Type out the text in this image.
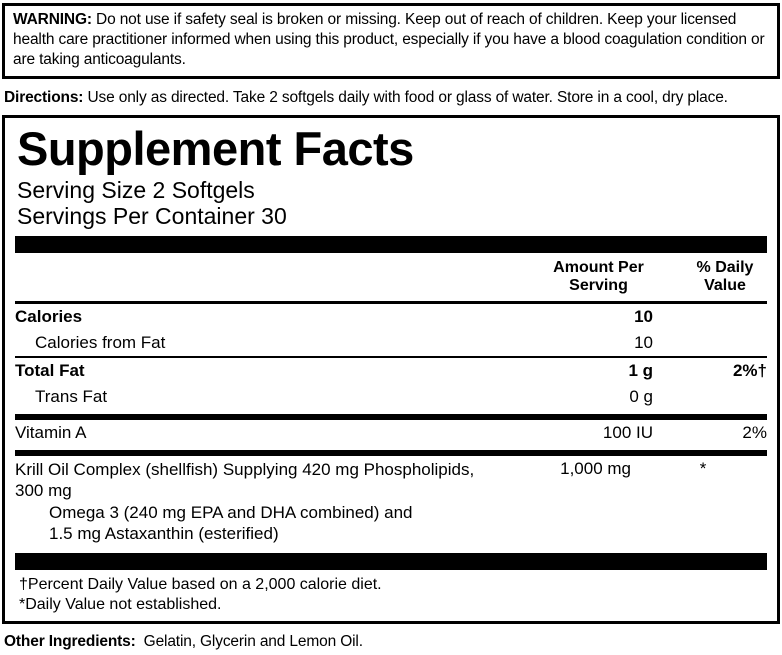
WARNING: Do not use if safety seal is broken or missing. Keep out of reach of children. Keep your licensed health care practitioner informed when using this product, especially if you have a blood coagulation condition or are taking anticoagulants.
Directions: Use only as directed. Take 2 softgels daily with food or glass of water. Store in a cool, dry place.
Supplement Facts
Serving Size 2 Softgels
Servings Per Container 30

Amount Per
Serving

% Daily
Value
Calories	10	
Calories from Fat	10	
Total Fat	1 g	2%†
Trans Fat	0 g	
Vitamin A	100 IU	2%
Krill Oil Complex (shellfish) Supplying 420 mg Phospholipids, 300 mg
Omega 3 (240 mg EPA and DHA combined) and
1.5 mg Astaxanthin (esterified)
	1,000 mg	*
†Percent Daily Value based on a 2,000 calorie diet.
*Daily Value not established.
Other Ingredients: Gelatin, Glycerin and Lemon Oil.
